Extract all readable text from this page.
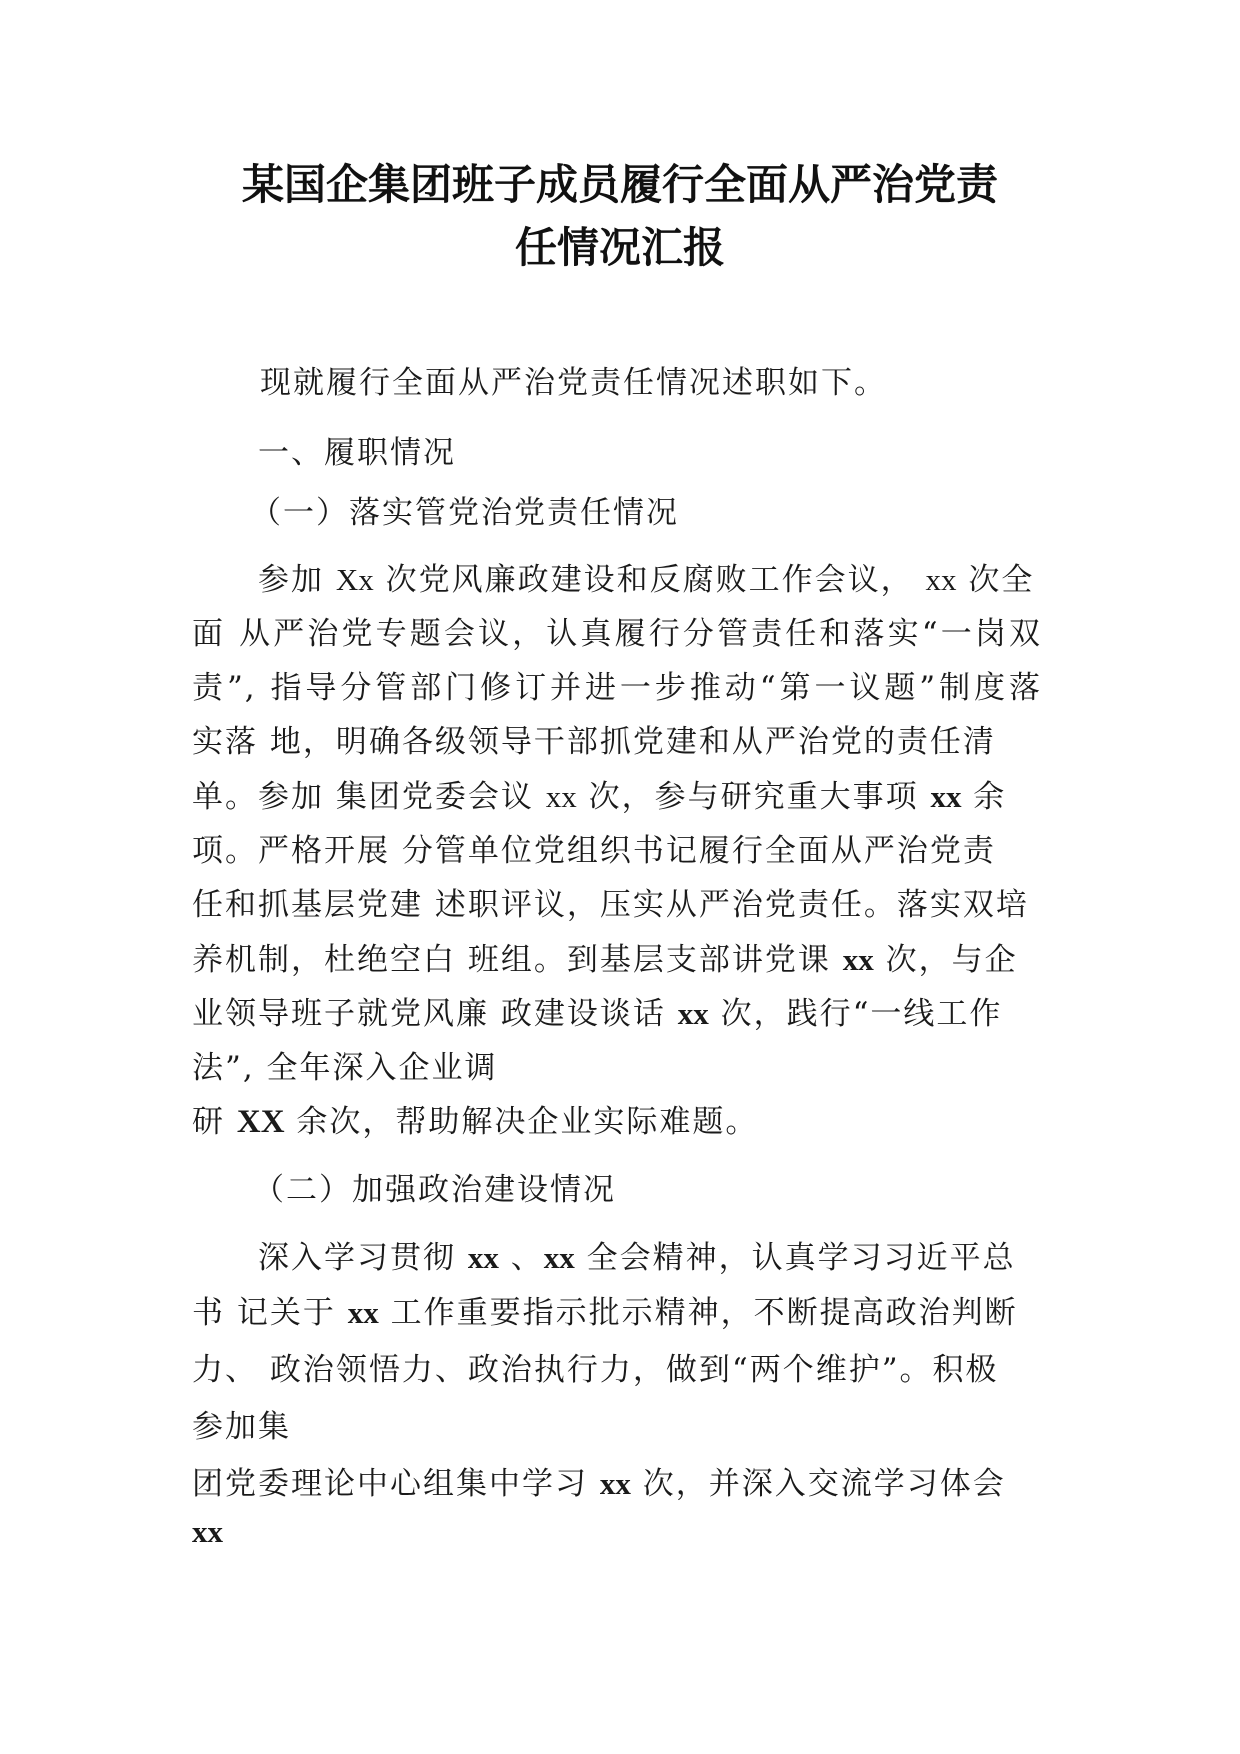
某国企集团班子成员履行全面从严治党责
任情况汇报

现就履行全面从严治党责任情况述职如下。

一、履职情况

（一）落实管党治党责任情况

参加 Xx 次党风廉政建设和反腐败工作会议， xx 次全

面 从严治党专题会议，认真履行分管责任和落实“一岗双

责”, 指导分管部门修订并进一步推动“第一议题”制度落

实落 地，明确各级领导干部抓党建和从严治党的责任清

单。参加 集团党委会议 xx 次，参与研究重大事项 xx 余

项。严格开展 分管单位党组织书记履行全面从严治党责

任和抓基层党建 述职评议，压实从严治党责任。落实双培

养机制，杜绝空白 班组。到基层支部讲党课 xx 次，与企

业领导班子就党风廉 政建设谈话 xx 次，践行“一线工作

法”, 全年深入企业调

研 XX 余次，帮助解决企业实际难题。

（二）加强政治建设情况

深入学习贯彻 xx 、xx 全会精神，认真学习习近平总

书 记关于 xx 工作重要指示批示精神，不断提高政治判断

力、 政治领悟力、政治执行力，做到“两个维护”。积极

参加集

团党委理论中心组集中学习 xx 次，并深入交流学习体会

xx
